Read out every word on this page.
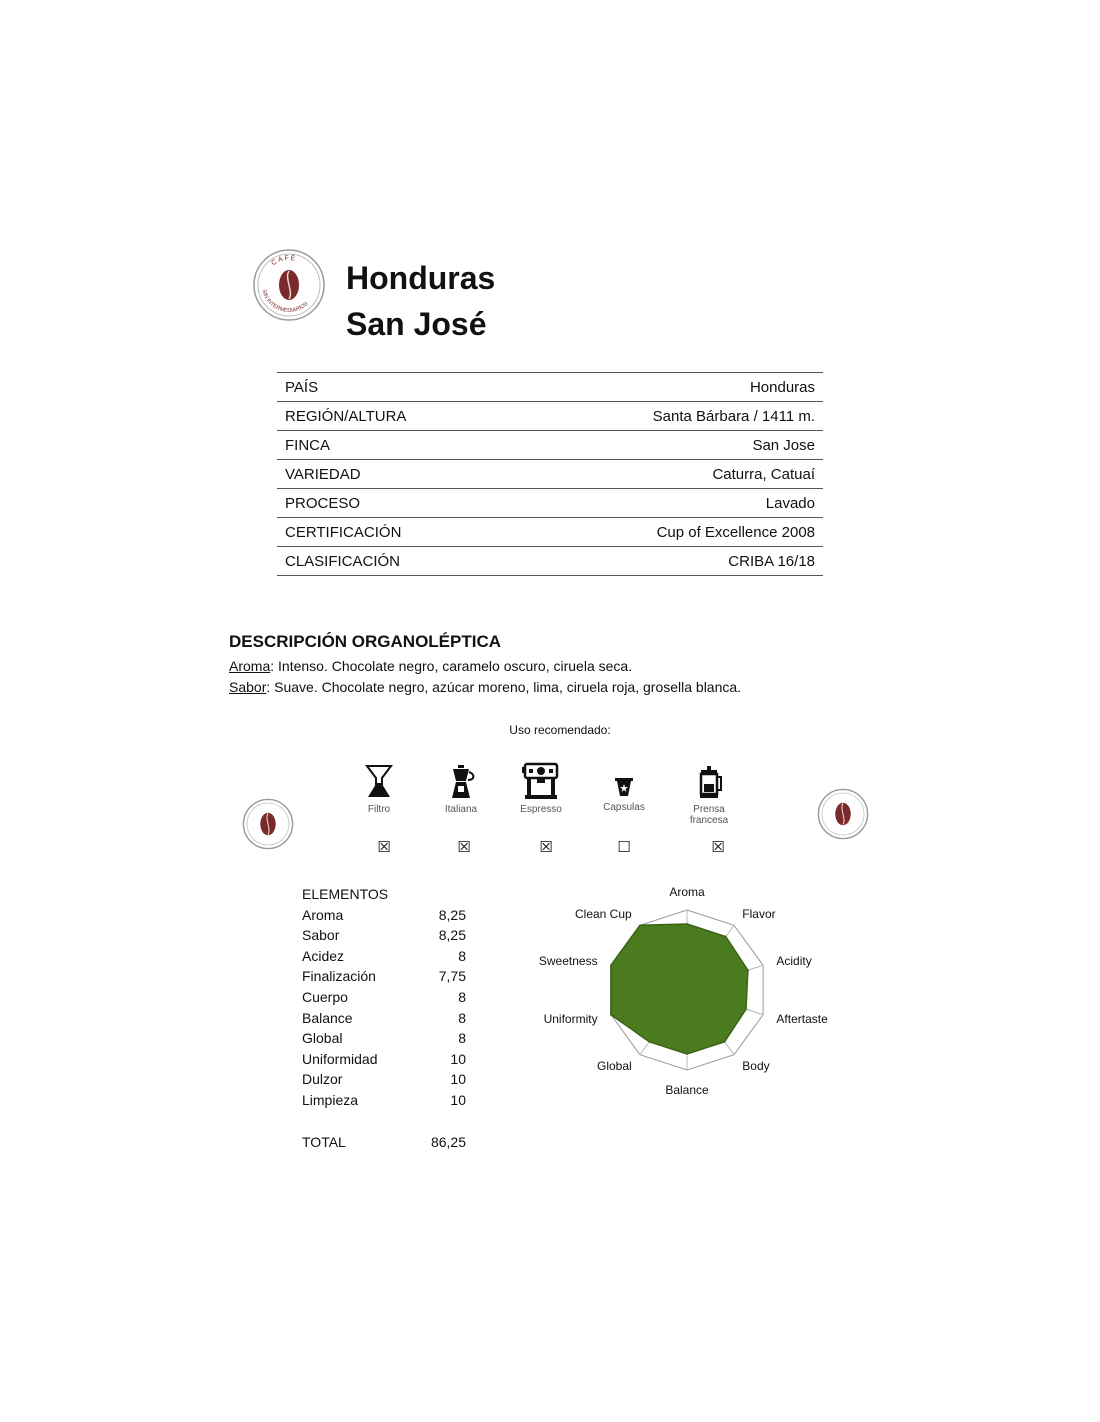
CAFÉ
SIN INTERMEDIARIOS
Honduras
San José
PAÍS	Honduras
REGIÓN/ALTURA	Santa Bárbara / 1411 m.
FINCA	San Jose
VARIEDAD	Caturra, Catuaí
PROCESO	Lavado
CERTIFICACIÓN	Cup of Excellence 2008
CLASIFICACIÓN	CRIBA 16/18
DESCRIPCIÓN ORGANOLÉPTICA

Aroma: Intenso. Chocolate negro, caramelo oscuro, ciruela seca.

Sabor: Suave. Chocolate negro, azúcar moreno, lima, ciruela roja, grosella blanca.

Uso recomendado:
Filtro	Italiana	Espresso	Capsulas	Prensa
francesa
☒	☒	☒	☐	☒
ELEMENTOS
Aroma	8,25
Sabor	8,25
Acidez	8
Finalización	7,75
Cuerpo	8
Balance	8
Global	8
Uniformidad	10
Dulzor	10
Limpieza	10
TOTAL	86,25
Aroma
Flavor
Acidity
Aftertaste
Body
Balance
Global
Uniformity
Sweetness
Clean Cup
